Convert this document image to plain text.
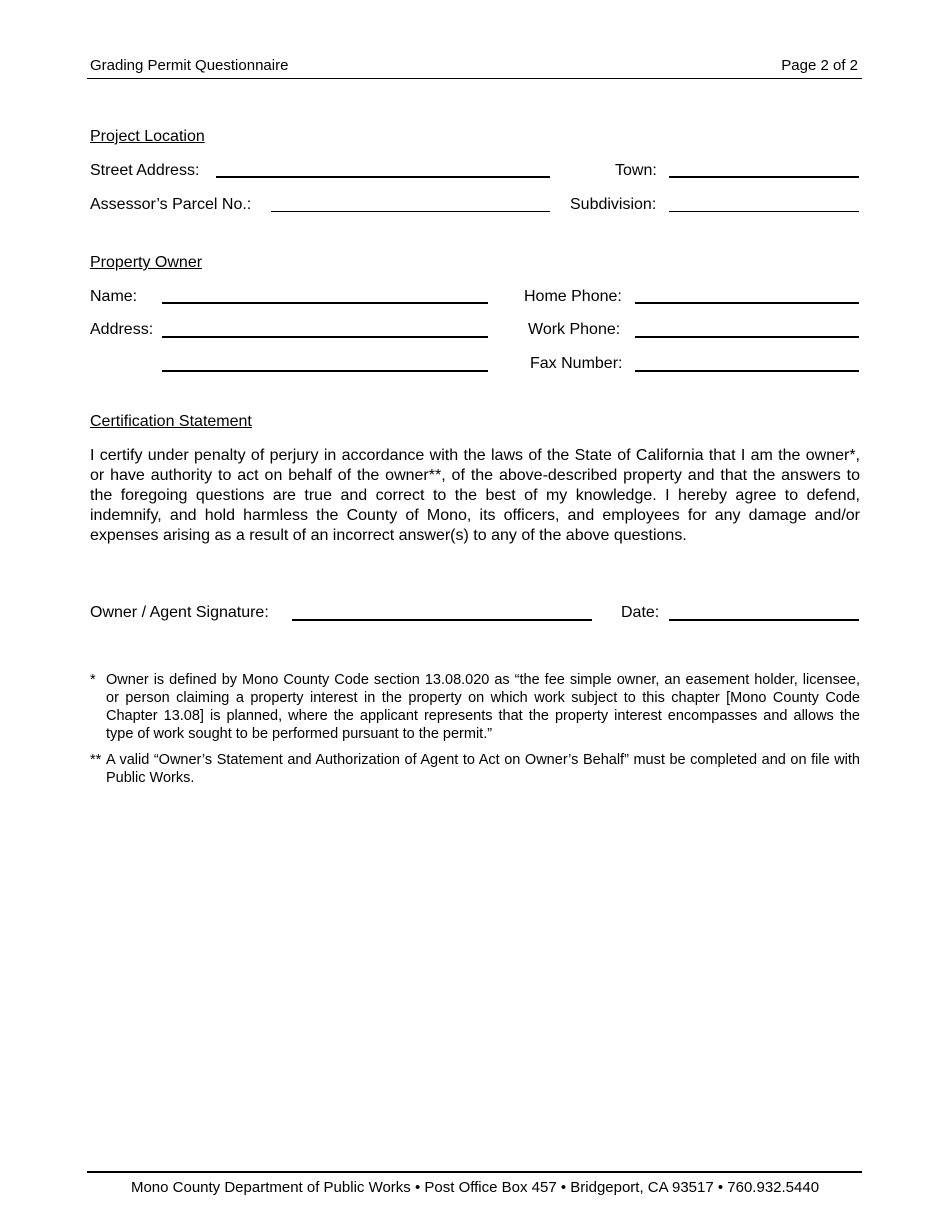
Grading Permit Questionnaire	Page 2 of 2
Project Location
Street Address:	Town:
Assessor’s Parcel No.:	Subdivision:
Property Owner
Name:	Home Phone:
Address:	Work Phone:
Fax Number:
Certification Statement
I certify under penalty of perjury in accordance with the laws of the State of California that I am the owner*, or have authority to act on behalf of the owner**, of the above-described property and that the answers to the foregoing questions are true and correct to the best of my knowledge. I hereby agree to defend, indemnify, and hold harmless the County of Mono, its officers, and employees for any damage and/or expenses arising as a result of an incorrect answer(s) to any of the above questions.
Owner / Agent Signature:	Date:
* Owner is defined by Mono County Code section 13.08.020 as “the fee simple owner, an easement holder, licensee, or person claiming a property interest in the property on which work subject to this chapter [Mono County Code Chapter 13.08] is planned, where the applicant represents that the property interest encompasses and allows the type of work sought to be performed pursuant to the permit.”
** A valid “Owner’s Statement and Authorization of Agent to Act on Owner’s Behalf” must be completed and on file with Public Works.
Mono County Department of Public Works • Post Office Box 457 • Bridgeport, CA 93517 • 760.932.5440
